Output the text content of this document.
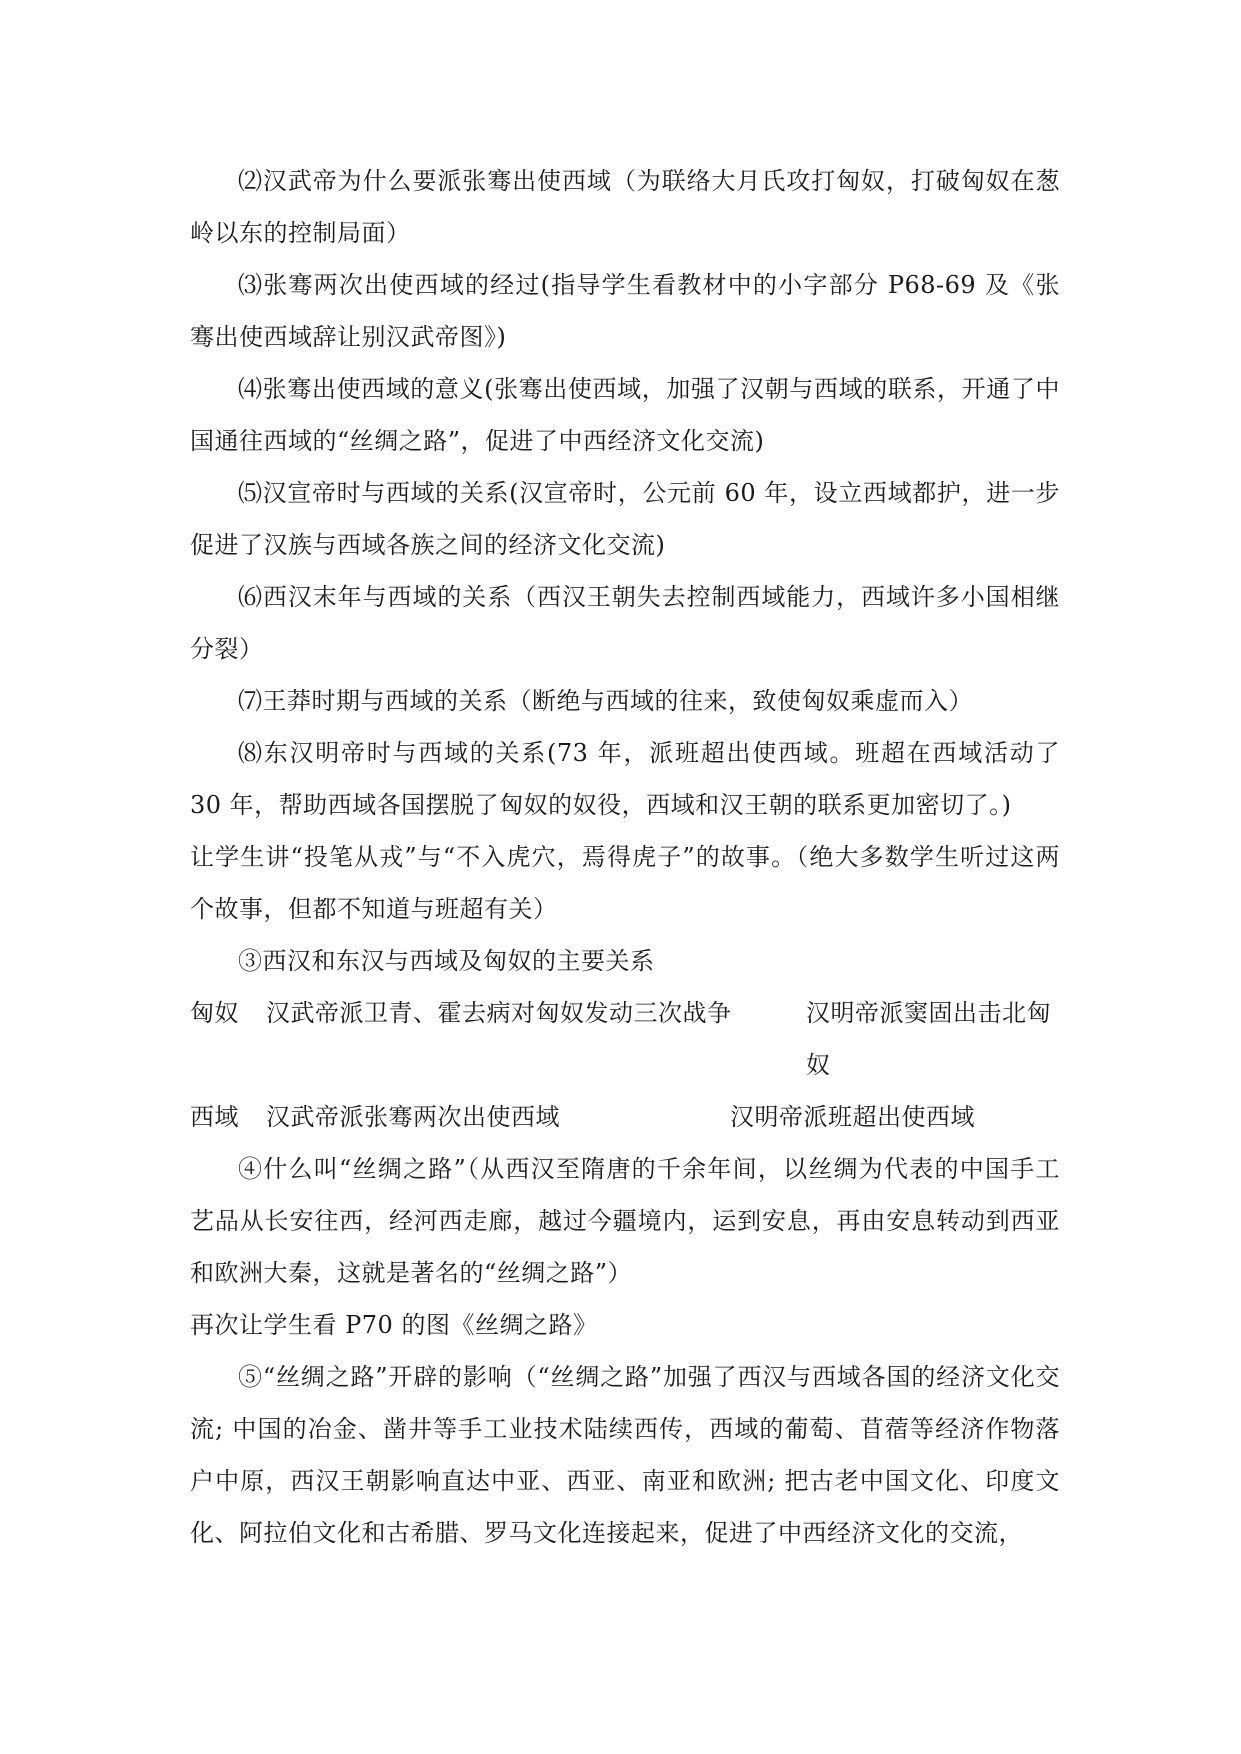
⑵汉武帝为什么要派张骞出使西域（为联络大月氏攻打匈奴，打破匈奴在葱岭以东的控制局面）

⑶张骞两次出使西域的经过(指导学生看教材中的小字部分 P68-69 及《张骞出使西域辞让别汉武帝图》)

⑷张骞出使西域的意义(张骞出使西域，加强了汉朝与西域的联系，开通了中国通往西域的“丝绸之路”，促进了中西经济文化交流)

⑸汉宣帝时与西域的关系(汉宣帝时，公元前 60 年，设立西域都护，进一步促进了汉族与西域各族之间的经济文化交流)

⑹西汉末年与西域的关系（西汉王朝失去控制西域能力，西域许多小国相继分裂）

⑺王莽时期与西域的关系（断绝与西域的往来，致使匈奴乘虚而入）

⑻东汉明帝时与西域的关系(73 年，派班超出使西域。班超在西域活动了 30 年，帮助西域各国摆脱了匈奴的奴役，西域和汉王朝的联系更加密切了。)

让学生讲“投笔从戎”与“不入虎穴，焉得虎子”的故事。（绝大多数学生听过这两个故事，但都不知道与班超有关）

③西汉和东汉与西域及匈奴的主要关系

匈奴	汉武帝派卫青、霍去病对匈奴发动三次战争	汉明帝派窦固出击北匈奴
西域	汉武帝派张骞两次出使西域	汉明帝派班超出使西域

④什么叫“丝绸之路”（从西汉至隋唐的千余年间，以丝绸为代表的中国手工艺品从长安往西，经河西走廊，越过今疆境内，运到安息，再由安息转动到西亚和欧洲大秦，这就是著名的“丝绸之路”）

再次让学生看 P70 的图《丝绸之路》

⑤“丝绸之路”开辟的影响（“丝绸之路”加强了西汉与西域各国的经济文化交流; 中国的冶金、凿井等手工业技术陆续西传，西域的葡萄、苜蓿等经济作物落户中原，西汉王朝影响直达中亚、西亚、南亚和欧洲; 把古老中国文化、印度文化、阿拉伯文化和古希腊、罗马文化连接起来，促进了中西经济文化的交流，
